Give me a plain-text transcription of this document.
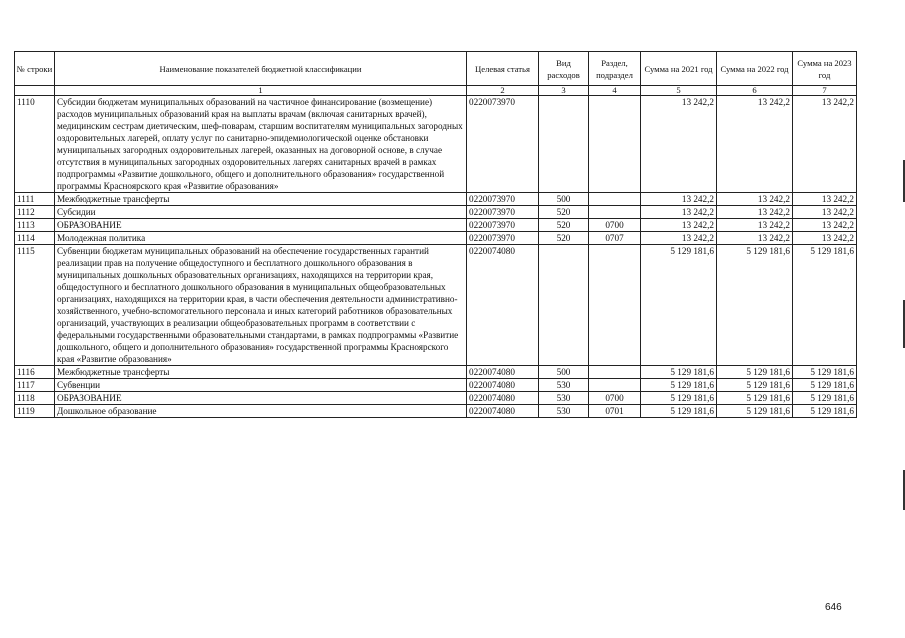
№ строки	Наименование показателей бюджетной классификации	Целевая статья	Вид расходов	Раздел, подраздел	Сумма на 2021 год	Сумма на 2022 год	Сумма на 2023 год
	1	2	3	4	5	6	7
1110	Субсидии бюджетам муниципальных образований на частичное финансирование (возмещение) расходов муниципальных образований края на выплаты врачам (включая санитарных врачей), медицинским сестрам диетическим, шеф-поварам, старшим воспитателям муниципальных загородных оздоровительных лагерей, оплату услуг по санитарно-эпидемиологической оценке обстановки муниципальных загородных оздоровительных лагерей, оказанных на договорной основе, в случае отсутствия в муниципальных загородных оздоровительных лагерях санитарных врачей в рамках подпрограммы «Развитие дошкольного, общего и дополнительного образования» государственной программы Красноярского края «Развитие образования»	0220073970			13 242,2	13 242,2	13 242,2
1111	Межбюджетные трансферты	0220073970	500		13 242,2	13 242,2	13 242,2
1112	Субсидии	0220073970	520		13 242,2	13 242,2	13 242,2
1113	ОБРАЗОВАНИЕ	0220073970	520	0700	13 242,2	13 242,2	13 242,2
1114	Молодежная политика	0220073970	520	0707	13 242,2	13 242,2	13 242,2
1115	Субвенции бюджетам муниципальных образований на обеспечение государственных гарантий реализации прав на получение общедоступного и бесплатного дошкольного образования в муниципальных дошкольных образовательных организациях, находящихся на территории края, общедоступного и бесплатного дошкольного образования в муниципальных общеобразовательных организациях, находящихся на территории края, в части обеспечения деятельности административно-хозяйственного, учебно-вспомогательного персонала и иных категорий работников образовательных организаций, участвующих в реализации общеобразовательных программ в соответствии с федеральными государственными образовательными стандартами, в рамках подпрограммы «Развитие дошкольного, общего и дополнительного образования» государственной программы Красноярского края «Развитие образования»	0220074080			5 129 181,6	5 129 181,6	5 129 181,6
1116	Межбюджетные трансферты	0220074080	500		5 129 181,6	5 129 181,6	5 129 181,6
1117	Субвенции	0220074080	530		5 129 181,6	5 129 181,6	5 129 181,6
1118	ОБРАЗОВАНИЕ	0220074080	530	0700	5 129 181,6	5 129 181,6	5 129 181,6
1119	Дошкольное образование	0220074080	530	0701	5 129 181,6	5 129 181,6	5 129 181,6
646
